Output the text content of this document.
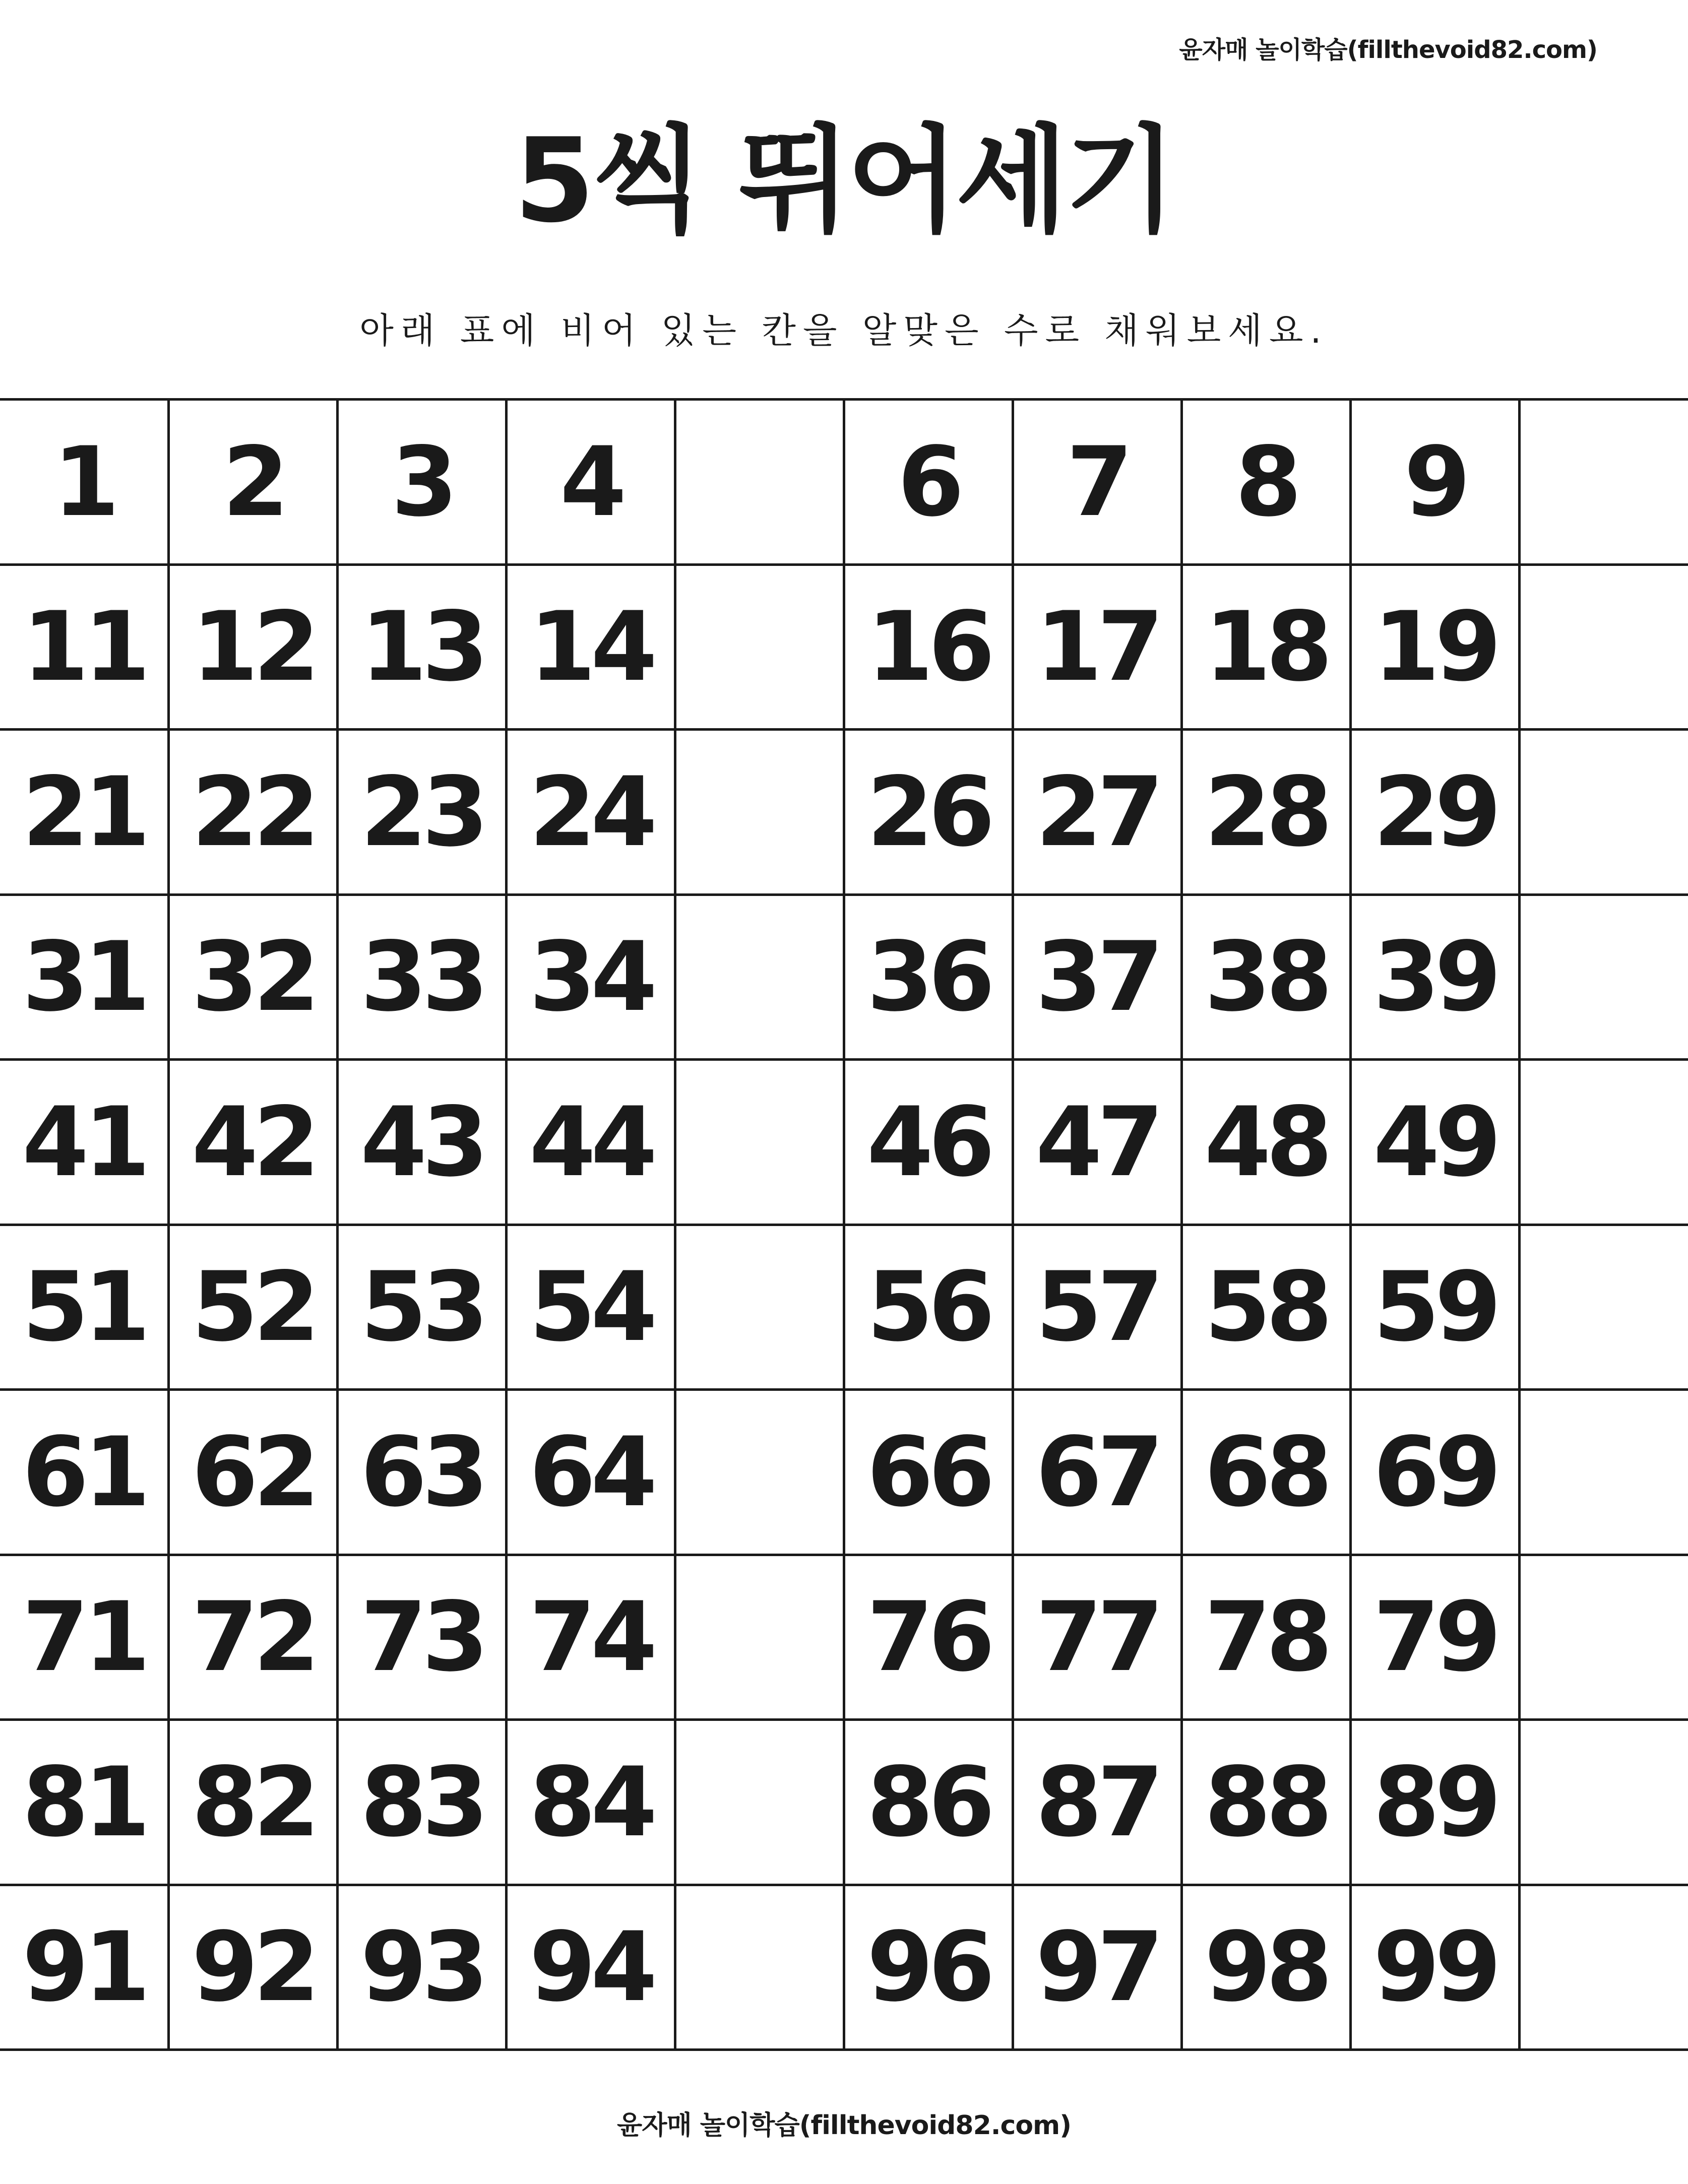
윤자매 놀이학습(fillthevoid82.com)
5씩 뛰어세기
아래 표에 비어 있는 칸을 알맞은 수로 채워보세요.
1	2	3	4		6	7	8	9	
11	12	13	14		16	17	18	19	
21	22	23	24		26	27	28	29	
31	32	33	34		36	37	38	39	
41	42	43	44		46	47	48	49	
51	52	53	54		56	57	58	59	
61	62	63	64		66	67	68	69	
71	72	73	74		76	77	78	79	
81	82	83	84		86	87	88	89	
91	92	93	94		96	97	98	99	
윤자매 놀이학습(fillthevoid82.com)
